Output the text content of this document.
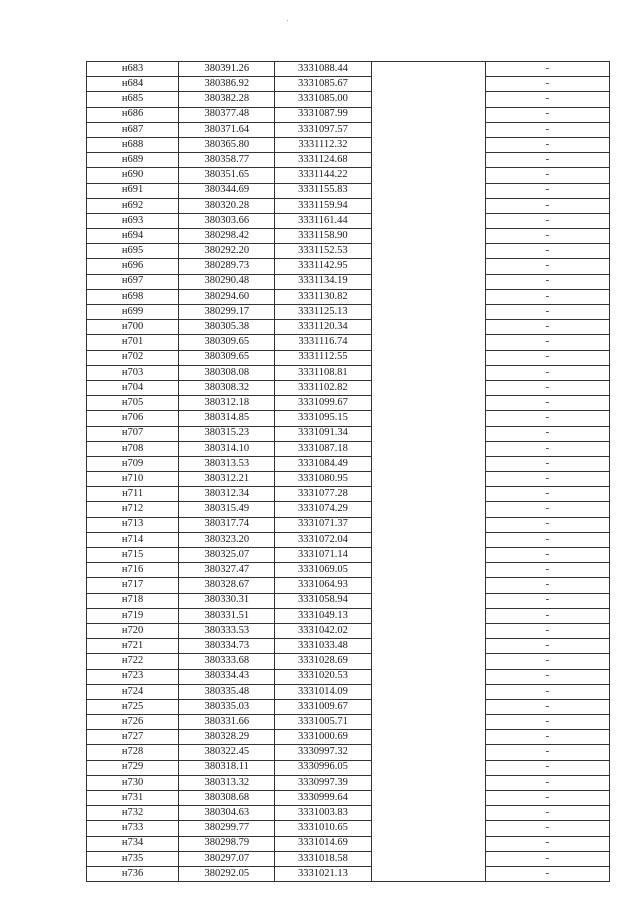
н683	380391.26	3331088.44		-
н684	380386.92	3331085.67		-
н685	380382.28	3331085.00		-
н686	380377.48	3331087.99		-
н687	380371.64	3331097.57		-
н688	380365.80	3331112.32		-
н689	380358.77	3331124.68		-
н690	380351.65	3331144.22		-
н691	380344.69	3331155.83		-
н692	380320.28	3331159.94		-
н693	380303.66	3331161.44		-
н694	380298.42	3331158.90		-
н695	380292.20	3331152.53		-
н696	380289.73	3331142.95		-
н697	380290.48	3331134.19		-
н698	380294.60	3331130.82		-
н699	380299.17	3331125.13		-
н700	380305.38	3331120.34		-
н701	380309.65	3331116.74		-
н702	380309.65	3331112.55		-
н703	380308.08	3331108.81		-
н704	380308.32	3331102.82		-
н705	380312.18	3331099.67		-
н706	380314.85	3331095.15		-
н707	380315.23	3331091.34		-
н708	380314.10	3331087.18		-
н709	380313.53	3331084.49		-
н710	380312.21	3331080.95		-
н711	380312.34	3331077.28		-
н712	380315.49	3331074.29		-
н713	380317.74	3331071.37		-
н714	380323.20	3331072.04		-
н715	380325.07	3331071.14		-
н716	380327.47	3331069.05		-
н717	380328.67	3331064.93		-
н718	380330.31	3331058.94		-
н719	380331.51	3331049.13		-
н720	380333.53	3331042.02		-
н721	380334.73	3331033.48		-
н722	380333.68	3331028.69		-
н723	380334.43	3331020.53		-
н724	380335.48	3331014.09		-
н725	380335.03	3331009.67		-
н726	380331.66	3331005.71		-
н727	380328.29	3331000.69		-
н728	380322.45	3330997.32		-
н729	380318.11	3330996.05		-
н730	380313.32	3330997.39		-
н731	380308.68	3330999.64		-
н732	380304.63	3331003.83		-
н733	380299.77	3331010.65		-
н734	380298.79	3331014.69		-
н735	380297.07	3331018.58		-
н736	380292.05	3331021.13		-
